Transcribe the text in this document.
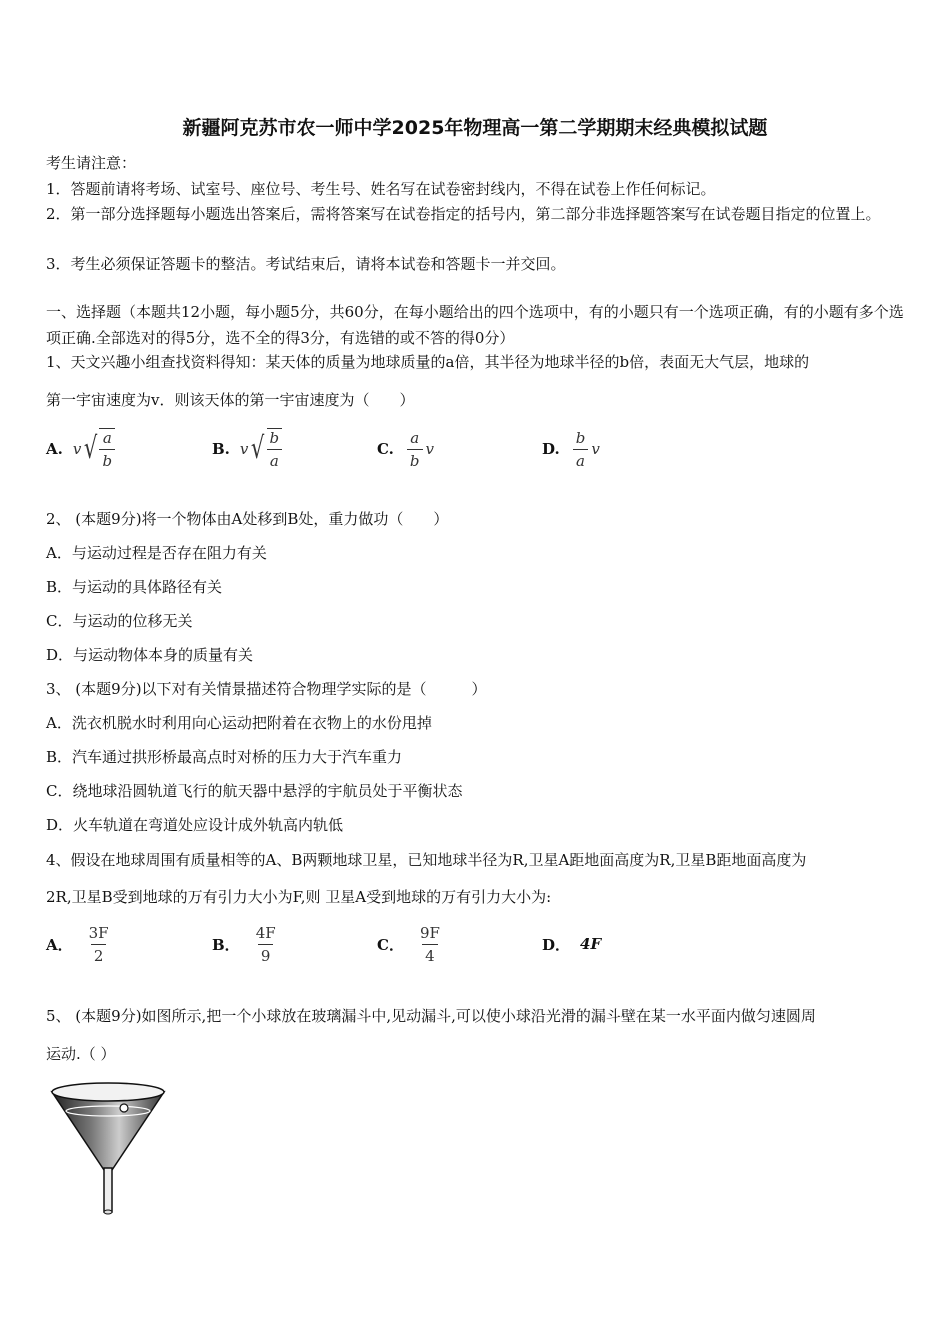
新疆阿克苏市农一师中学2025年物理高一第二学期期末经典模拟试题
考生请注意：
1．答题前请将考场、试室号、座位号、考生号、姓名写在试卷密封线内，不得在试卷上作任何标记。
2．第一部分选择题每小题选出答案后，需将答案写在试卷指定的括号内，第二部分非选择题答案写在试卷题目指定的位置上。
3．考生必须保证答题卡的整洁。考试结束后，请将本试卷和答题卡一并交回。
一、选择题（本题共12小题，每小题5分，共60分，在每小题给出的四个选项中，有的小题只有一个选项正确，有的小题有多个选项正确.全部选对的得5分，选不全的得3分，有选错的或不答的得0分）
1、天文兴趣小组查找资料得知：某天体的质量为地球质量的a倍，其半径为地球半径的b倍，表面无大气层，地球的
第一宇宙速度为v．则该天体的第一宇宙速度为（　　）
A. v √ $\frac{a}{b}$	B. v √ $\frac{b}{a}$	C. $\frac{a}{b}$ v	D. $\frac{b}{a}$ v
2、 (本题9分)将一个物体由A处移到B处，重力做功（　　）
A．与运动过程是否存在阻力有关
B．与运动的具体路径有关
C．与运动的位移无关
D．与运动物体本身的质量有关
3、 (本题9分)以下对有关情景描述符合物理学实际的是（　　　）
A．洗衣机脱水时利用向心运动把附着在衣物上的水份甩掉
B．汽车通过拱形桥最高点时对桥的压力大于汽车重力
C．绕地球沿圆轨道飞行的航天器中悬浮的宇航员处于平衡状态
D．火车轨道在弯道处应设计成外轨高内轨低
4、假设在地球周围有质量相等的A、B两颗地球卫星，已知地球半径为R,卫星A距地面高度为R,卫星B距地面高度为
2R,卫星B受到地球的万有引力大小为F,则 卫星A受到地球的万有引力大小为:
A． $\frac{3F}{2}$	B． $\frac{4F}{9}$	C． $\frac{9F}{4}$	D． 4F
5、 (本题9分)如图所示,把一个小球放在玻璃漏斗中,见动漏斗,可以使小球沿光滑的漏斗壁在某一水平面内做匀速圆周
运动.（ ）
